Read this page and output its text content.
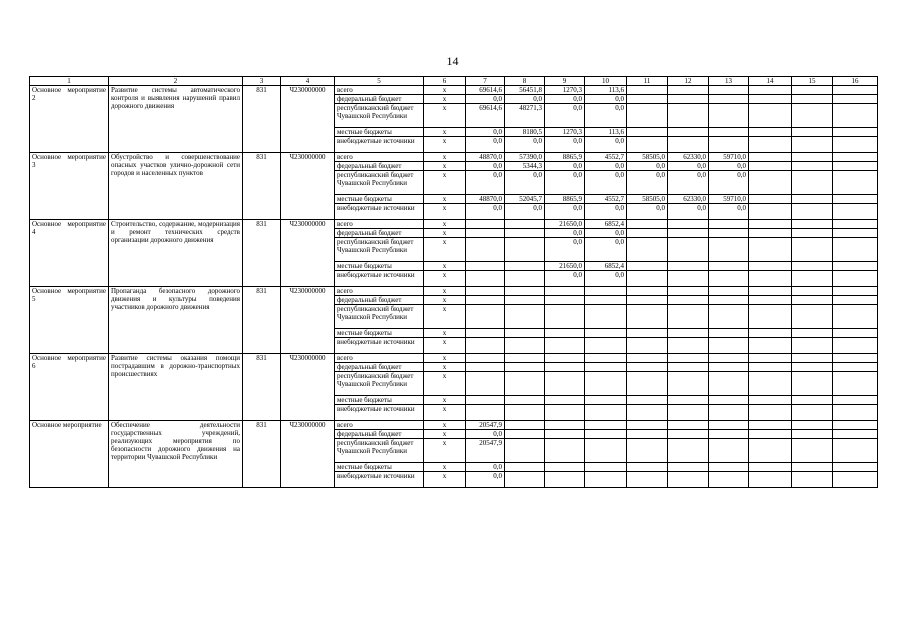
14
1	2	3	4	5	6	7	8	9	10	11	12	13	14	15	16
Основное мероприятие 2	Развитие системы автоматического контроля и выявления нарушений правил дорожного движения	831	Ч230000000	всего	х	69614,6	56451,8	1270,3	113,6						
				федеральный бюджет	х	0,0	0,0	0,0	0,0						
				республиканский бюджет Чувашской Республики	х	69614,6	48271,3	0,0	0,0						
				местные бюджеты	х	0,0	8180,5	1270,3	113,6						
				внебюджетные источники	х	0,0	0,0	0,0	0,0						
Основное мероприятие 3	Обустройство и совершенствование опасных участков улично-дорожной сети городов и населенных пунктов	831	Ч230000000	всего	х	48870,0	57390,0	8865,9	4552,7	58505,0	62330,0	59710,0			
				федеральный бюджет	х	0,0	5344,3	0,0	0,0	0,0	0,0	0,0			
				республиканский бюджет Чувашской Республики	х	0,0	0,0	0,0	0,0	0,0	0,0	0,0			
				местные бюджеты	х	48870,0	52045,7	8865,9	4552,7	58505,0	62330,0	59710,0			
				внебюджетные источники	х	0,0	0,0	0,0	0,0	0,0	0,0	0,0			
Основное мероприятие 4	Строительство, содержание, модернизация и ремонт технических средств организации дорожного движения	831	Ч230000000	всего	х			21650,0	6852,4						
				федеральный бюджет	х			0,0	0,0						
				республиканский бюджет Чувашской Республики	х			0,0	0,0						
				местные бюджеты	х			21650,0	6852,4						
				внебюджетные источники	х			0,0	0,0						
Основное мероприятие 5	Пропаганда безопасного дорожного движения и культуры поведения участников дорожного движения	831	Ч230000000	всего	х										
				федеральный бюджет	х										
				республиканский бюджет Чувашской Республики	х										
				местные бюджеты	х										
				внебюджетные источники	х										
Основное мероприятие 6	Развитие системы оказания помощи пострадавшим в дорожно-транспортных происшествиях	831	Ч230000000	всего	х										
				федеральный бюджет	х										
				республиканский бюджет Чувашской Республики	х										
				местные бюджеты	х										
				внебюджетные источники	х										
Основное мероприятие	Обеспечение деятельности государственных учреждений, реализующих мероприятия по безопасности дорожного движения на территории Чувашской Республики	831	Ч230000000	всего	х	20547,9									
				федеральный бюджет	х	0,0									
				республиканский бюджет Чувашской Республики	х	20547,9									
				местные бюджеты	х	0,0									
				внебюджетные источники	х	0,0									
